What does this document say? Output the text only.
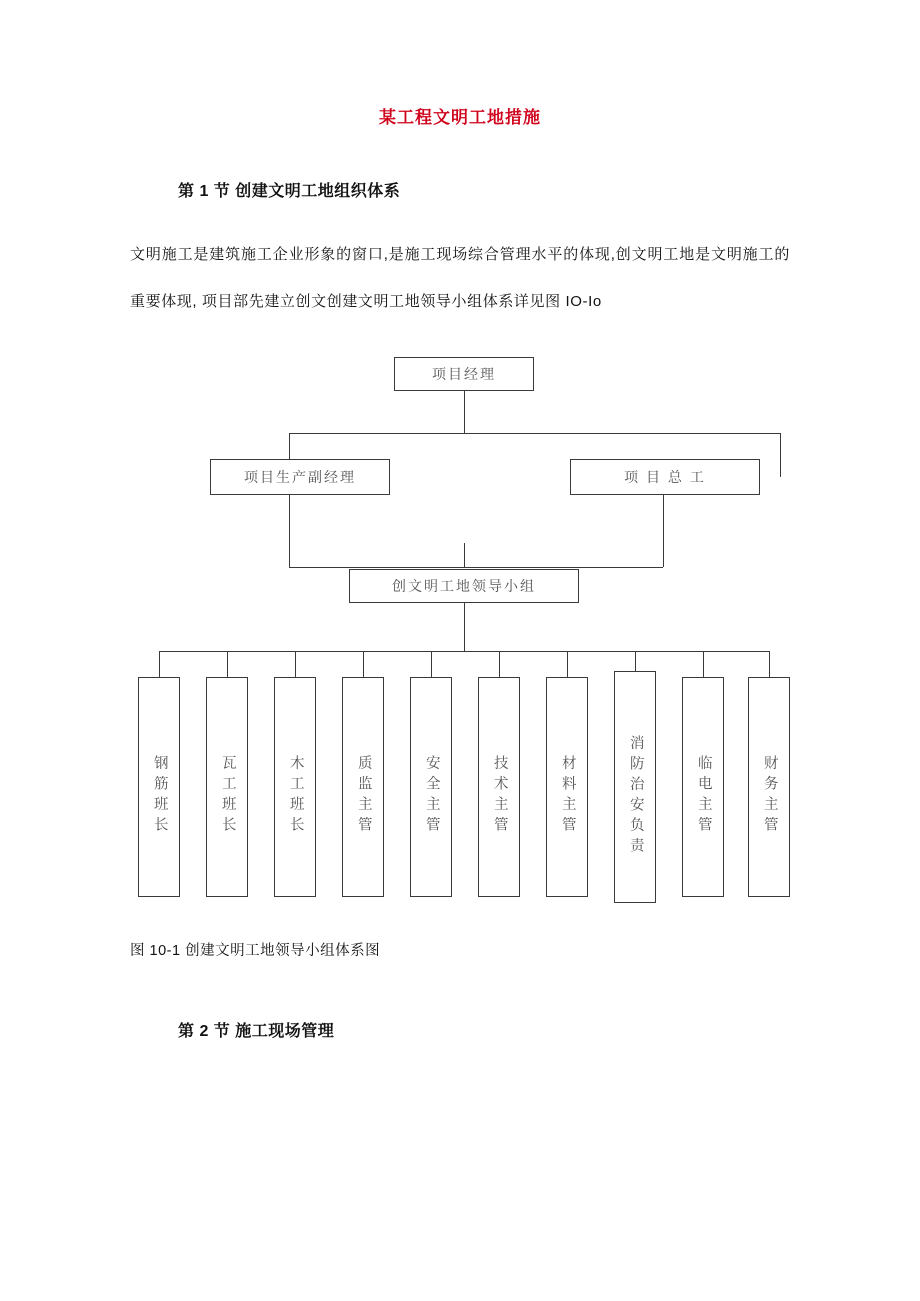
某工程文明工地措施
第 1 节 创建文明工地组织体系

文明施工是建筑施工企业形象的窗口,是施工现场综合管理水平的体现,创文明工地是文明施工的重要体现, 项目部先建立创文创建文明工地领导小组体系详见图 IO-Io

项目经理
项目生产副经理	项 目 总 工
创文明工地领导小组
钢筋班长	瓦工班长	木工班长	质监主管	安全主管	技术主管	材料主管	消防治安负责	临电主管	财务主管

图 10-1 创建文明工地领导小组体系图

第 2 节 施工现场管理
